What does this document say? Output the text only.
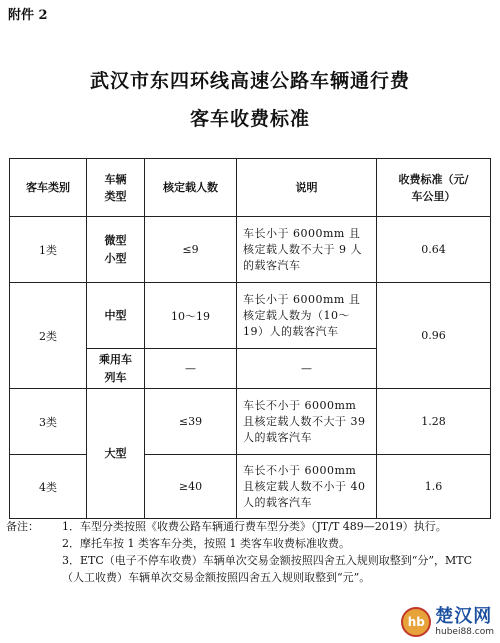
附件 2
武汉市东四环线高速公路车辆通行费
客车收费标准
客车类别	车辆类型	核定载人数	说明	收费标准（元/车公里）
1类	微型小型	≤9	车长小于 6000mm 且核定载人数不大于 9 人的载客汽车	0.64
2类	中型	10～19	车长小于 6000mm 且核定载人数为（10～19）人的载客汽车	0.96
	乘用车列车	—	—	
3类	大型	≤39	车长不小于 6000mm 且核定载人数不大于 39 人的载客汽车	1.28
4类		≥40	车长不小于 6000mm 且核定载人数不小于 40 人的载客汽车	1.6
备注：	1．车型分类按照《收费公路车辆通行费车型分类》（JT/T 489—2019）执行。
2．摩托车按 1 类客车分类，按照 1 类客车收费标准收费。
3．ETC（电子不停车收费）车辆单次交易金额按照四舍五入规则取整到“分”，MTC（人工收费）车辆单次交易金额按照四舍五入规则取整到“元”。
hb 楚汉网
hubei88.com
